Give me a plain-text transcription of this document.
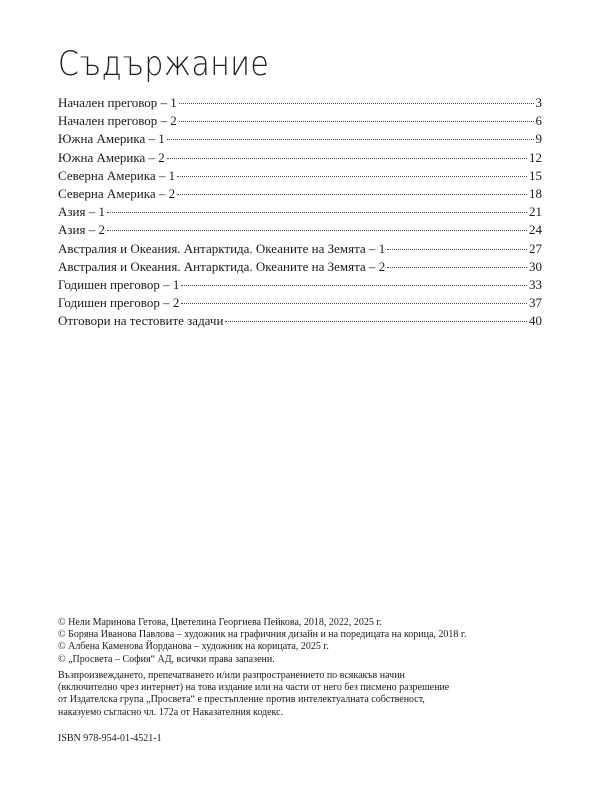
Съдържание
Начален преговор – 1	3
Начален преговор – 2	6
Южна Америка – 1	9
Южна Америка – 2	12
Северна Америка – 1	15
Северна Америка – 2	18
Азия – 1	21
Азия – 2	24
Австралия и Океания. Антарктида. Океаните на Земята – 1	27
Австралия и Океания. Антарктида. Океаните на Земята – 2	30
Годишен преговор – 1	33
Годишен преговор – 2	37
Отговори на тестовите задачи	40
© Нели Маринова Гетова, Цветелина Георгиева Пейкова, 2018, 2022, 2025 г.
© Боряна Иванова Павлова – художник на графичния дизайн и на поредицата на корица, 2018 г.
© Албена Каменова Йорданова – художник на корицата, 2025 г.
© „Просвета – София“ АД, всички права запазени.

Възпроизвеждането, препечатването и/или разпространението по всякакъв начин
(включително чрез интернет) на това издание или на части от него без писмено разрешение
от Издателска група „Просвета“ е престъпление против интелектуалната собственост,
наказуемо съгласно чл. 172а от Наказателния кодекс.

ISBN 978-954-01-4521-1
